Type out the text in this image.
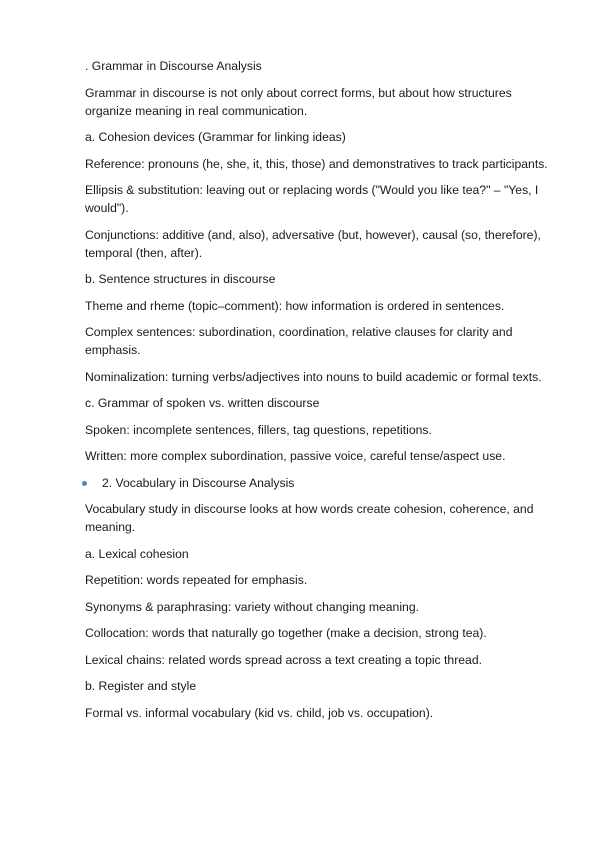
. Grammar in Discourse Analysis

Grammar in discourse is not only about correct forms, but about how structures organize meaning in real communication.

a. Cohesion devices (Grammar for linking ideas)

Reference: pronouns (he, she, it, this, those) and demonstratives to track participants.

Ellipsis & substitution: leaving out or replacing words ("Would you like tea?" – "Yes, I would").

Conjunctions: additive (and, also), adversative (but, however), causal (so, therefore), temporal (then, after).

b. Sentence structures in discourse

Theme and rheme (topic–comment): how information is ordered in sentences.

Complex sentences: subordination, coordination, relative clauses for clarity and emphasis.

Nominalization: turning verbs/adjectives into nouns to build academic or formal texts.

c. Grammar of spoken vs. written discourse

Spoken: incomplete sentences, fillers, tag questions, repetitions.

Written: more complex subordination, passive voice, careful tense/aspect use.

2. Vocabulary in Discourse Analysis

Vocabulary study in discourse looks at how words create cohesion, coherence, and meaning.

a. Lexical cohesion

Repetition: words repeated for emphasis.

Synonyms & paraphrasing: variety without changing meaning.

Collocation: words that naturally go together (make a decision, strong tea).

Lexical chains: related words spread across a text creating a topic thread.

b. Register and style

Formal vs. informal vocabulary (kid vs. child, job vs. occupation).
